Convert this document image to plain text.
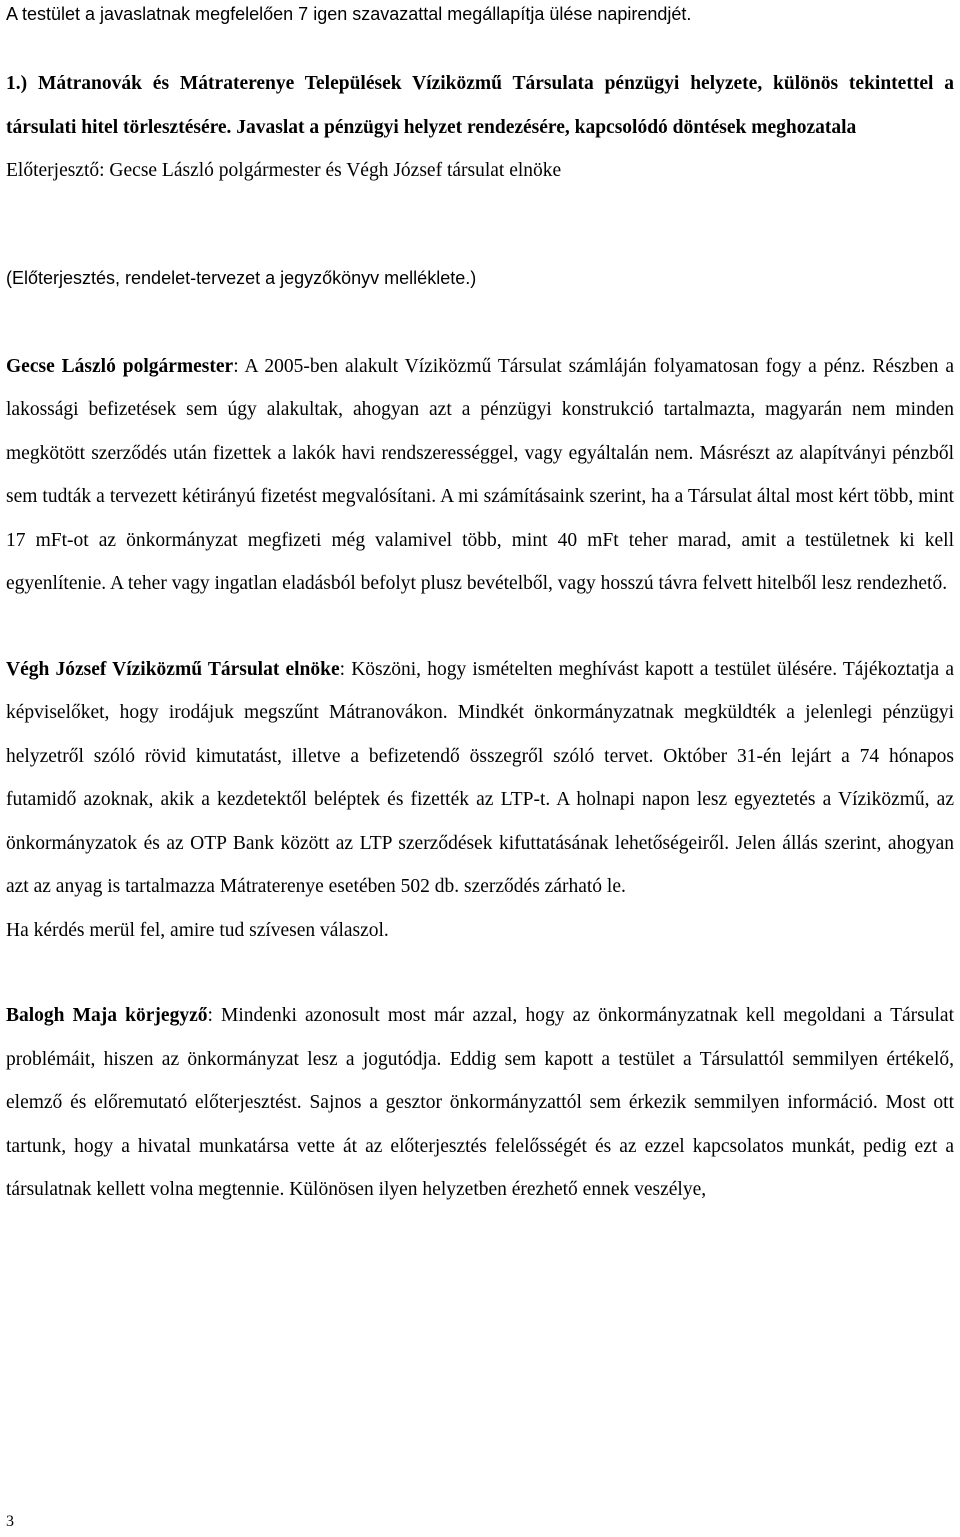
A testület a javaslatnak megfelelően 7 igen szavazattal megállapítja ülése napirendjét.

1.) Mátranovák és Mátraterenye Települések Víziközmű Társulata pénzügyi helyzete, különös tekintettel a társulati hitel törlesztésére. Javaslat a pénzügyi helyzet rendezésére, kapcsolódó döntések meghozatala

Előterjesztő: Gecse László polgármester és Végh József társulat elnöke

(Előterjesztés, rendelet-tervezet a jegyzőkönyv melléklete.)

Gecse László polgármester: A 2005-ben alakult Víziközmű Társulat számláján folyamatosan fogy a pénz. Részben a lakossági befizetések sem úgy alakultak, ahogyan azt a pénzügyi konstrukció tartalmazta, magyarán nem minden megkötött szerződés után fizettek a lakók havi rendszerességgel, vagy egyáltalán nem. Másrészt az alapítványi pénzből sem tudták a tervezett kétirányú fizetést megvalósítani. A mi számításaink szerint, ha a Társulat által most kért több, mint 17 mFt-ot az önkormányzat megfizeti még valamivel több, mint 40 mFt teher marad, amit a testületnek ki kell egyenlítenie. A teher vagy ingatlan eladásból befolyt plusz bevételből, vagy hosszú távra felvett hitelből lesz rendezhető.

Végh József Víziközmű Társulat elnöke: Köszöni, hogy ismételten meghívást kapott a testület ülésére. Tájékoztatja a képviselőket, hogy irodájuk megszűnt Mátranovákon. Mindkét önkormányzatnak megküldték a jelenlegi pénzügyi helyzetről szóló rövid kimutatást, illetve a befizetendő összegről szóló tervet. Október 31-én lejárt a 74 hónapos futamidő azoknak, akik a kezdetektől beléptek és fizették az LTP-t. A holnapi napon lesz egyeztetés a Víziközmű, az önkormányzatok és az OTP Bank között az LTP szerződések kifuttatásának lehetőségeiről. Jelen állás szerint, ahogyan azt az anyag is tartalmazza Mátraterenye esetében 502 db. szerződés zárható le.

Ha kérdés merül fel, amire tud szívesen válaszol.

Balogh Maja körjegyző: Mindenki azonosult most már azzal, hogy az önkormányzatnak kell megoldani a Társulat problémáit, hiszen az önkormányzat lesz a jogutódja. Eddig sem kapott a testület a Társulattól semmilyen értékelő, elemző és előremutató előterjesztést. Sajnos a gesztor önkormányzattól sem érkezik semmilyen információ. Most ott tartunk, hogy a hivatal munkatársa vette át az előterjesztés felelősségét és az ezzel kapcsolatos munkát, pedig ezt a társulatnak kellett volna megtennie. Különösen ilyen helyzetben érezhető ennek veszélye,

3
